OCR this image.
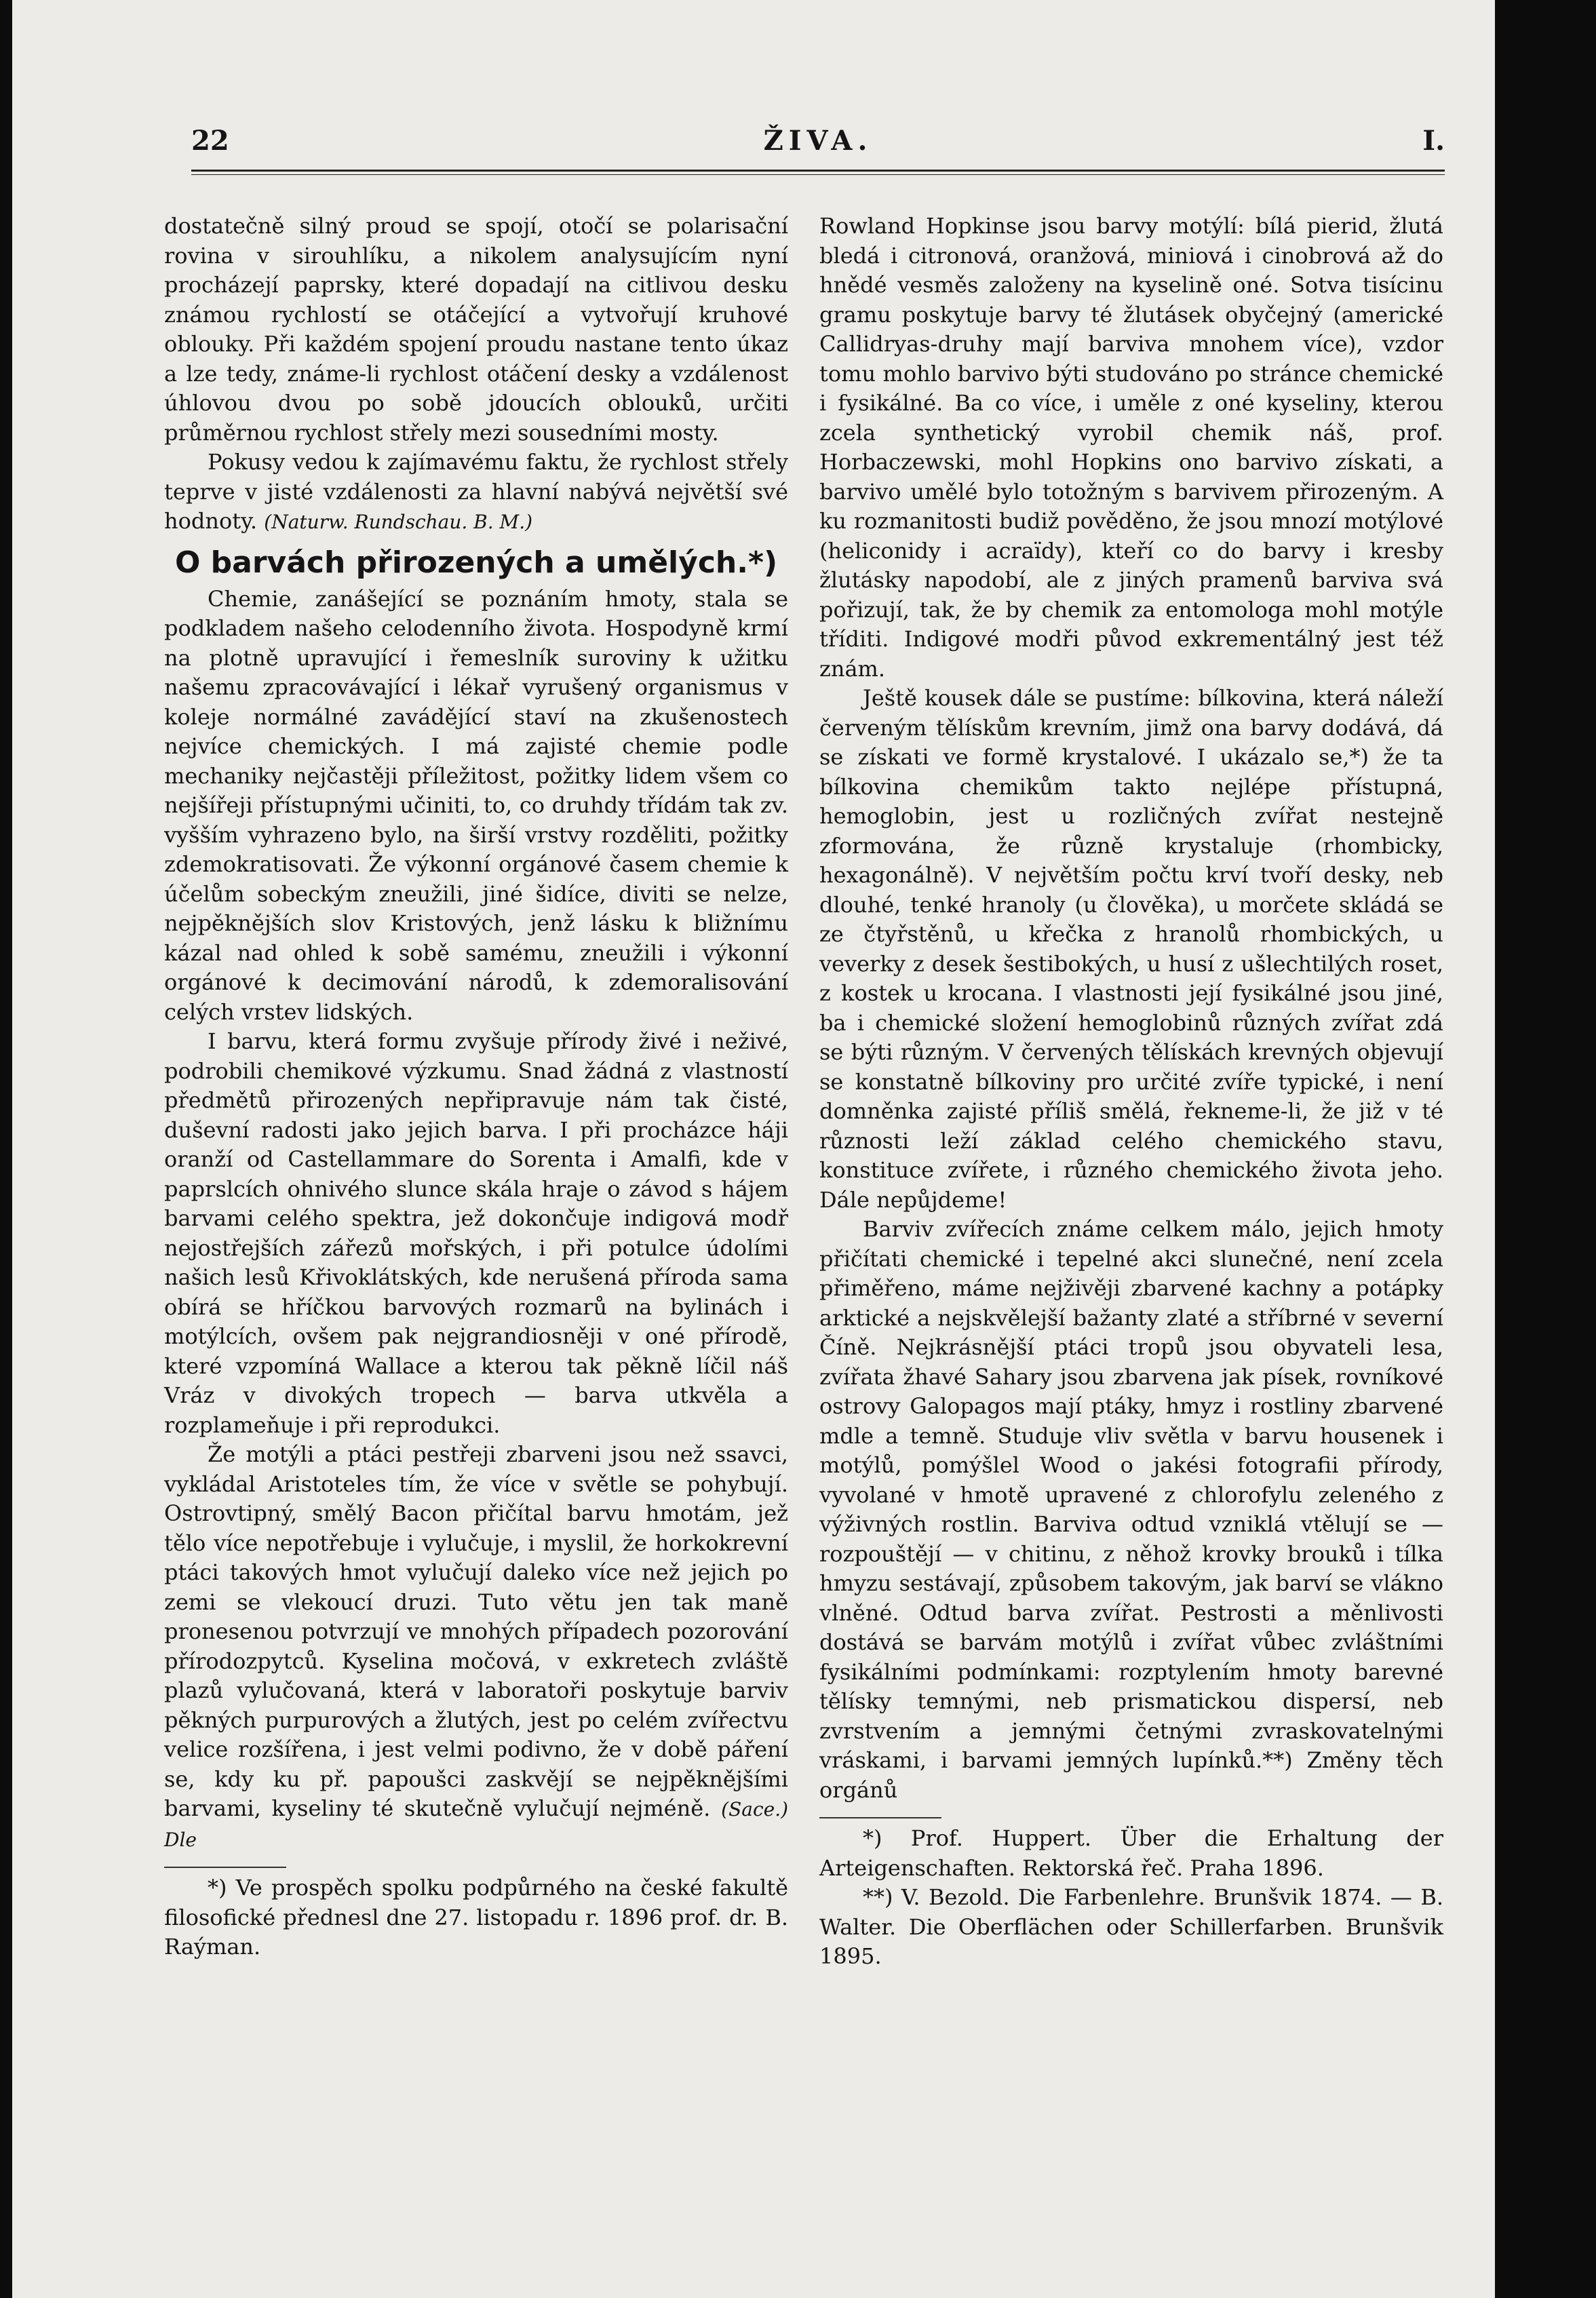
22	ŽIVA.	I.

dostatečně silný proud se spojí, otočí se polarisační rovina v sirouhlíku, a nikolem analysujícím nyní procházejí paprsky, které dopadají na citlivou desku známou rychlostí se otáčející a vytvořují kruhové oblouky. Při každém spojení proudu nastane tento úkaz a lze tedy, známe-li rychlost otáčení desky a vzdálenost úhlovou dvou po sobě jdoucích oblouků, určiti průměrnou rychlost střely mezi sousedními mosty.

Pokusy vedou k zajímavému faktu, že rychlost střely teprve v jisté vzdálenosti za hlavní nabývá největší své hodnoty. (Naturw. Rundschau. B. M.)

O barvách přirozených a umělých.*)

Chemie, zanášející se poznáním hmoty, stala se podkladem našeho celodenního života. Hospodyně krmí na plotně upravující i řemeslník suroviny k užitku našemu zpracovávající i lékař vyrušený organismus v koleje normálné zavádějící staví na zkušenostech nejvíce chemických. I má zajisté chemie podle mechaniky nejčastěji příležitost, požitky lidem všem co nejšířeji přístupnými učiniti, to, co druhdy třídám tak zv. vyšším vyhrazeno bylo, na širší vrstvy rozděliti, požitky zdemokratisovati. Že výkonní orgánové časem chemie k účelům sobeckým zneužili, jiné šidíce, diviti se nelze, nejpěknějších slov Kristových, jenž lásku k bližnímu kázal nad ohled k sobě samému, zneužili i výkonní orgánové k decimování národů, k zdemoralisování celých vrstev lidských.

I barvu, která formu zvyšuje přírody živé i neživé, podrobili chemikové výzkumu. Snad žádná z vlastností předmětů přirozených nepřipravuje nám tak čisté, duševní radosti jako jejich barva. I při procházce háji oranží od Castellammare do Sorenta i Amalfi, kde v paprslcích ohnivého slunce skála hraje o závod s hájem barvami celého spektra, jež dokončuje indigová modř nejostřejších zářezů mořských, i při potulce údolími našich lesů Křivoklátských, kde nerušená příroda sama obírá se hříčkou barvových rozmarů na bylinách i motýlcích, ovšem pak nejgrandiosněji v oné přírodě, které vzpomíná Wallace a kterou tak pěkně líčil náš Vráz v divokých tropech — barva utkvěla a rozplameňuje i při reprodukci.

Že motýli a ptáci pestřeji zbarveni jsou než ssavci, vykládal Aristoteles tím, že více v světle se pohybují. Ostrovtipný, smělý Bacon přičítal barvu hmotám, jež tělo více nepotřebuje i vylučuje, i myslil, že horkokrevní ptáci takových hmot vylučují daleko více než jejich po zemi se vlekoucí druzi. Tuto větu jen tak maně pronesenou potvrzují ve mnohých případech pozorování přírodozpytců. Kyselina močová, v exkretech zvláště plazů vylučovaná, která v laboratoři poskytuje barviv pěkných purpurových a žlutých, jest po celém zvířectvu velice rozšířena, i jest velmi podivno, že v době páření se, kdy ku př. papoušci zaskvějí se nejpěknějšími barvami, kyseliny té skutečně vylučují nejméně. (Sace.) Dle

*) Ve prospěch spolku podpůrného na české fakultě filosofické přednesl dne 27. listopadu r. 1896 prof. dr. B. Raýman.

Rowland Hopkinse jsou barvy motýlí: bílá pierid, žlutá bledá i citronová, oranžová, miniová i cinobrová až do hnědé vesměs založeny na kyselině oné. Sotva tisícinu gramu poskytuje barvy té žlutásek obyčejný (americké Callidryas-druhy mají barviva mnohem více), vzdor tomu mohlo barvivo býti studováno po stránce chemické i fysikálné. Ba co více, i uměle z oné kyseliny, kterou zcela synthetický vyrobil chemik náš, prof. Horbaczewski, mohl Hopkins ono barvivo získati, a barvivo umělé bylo totožným s barvivem přirozeným. A ku rozmanitosti budiž pověděno, že jsou mnozí motýlové (heliconidy i acraïdy), kteří co do barvy i kresby žlutásky napodobí, ale z jiných pramenů barviva svá pořizují, tak, že by chemik za entomologa mohl motýle tříditi. Indigové modři původ exkrementálný jest též znám.

Ještě kousek dále se pustíme: bílkovina, která náleží červeným tělískům krevním, jimž ona barvy dodává, dá se získati ve formě krystalové. I ukázalo se,*) že ta bílkovina chemikům takto nejlépe přístupná, hemoglobin, jest u rozličných zvířat nestejně zformována, že různě krystaluje (rhombicky, hexagonálně). V největším počtu krví tvoří desky, neb dlouhé, tenké hranoly (u člověka), u morčete skládá se ze čtyřstěnů, u křečka z hranolů rhombických, u veverky z desek šestibokých, u husí z ušlechtilých roset, z kostek u krocana. I vlastnosti její fysikálné jsou jiné, ba i chemické složení hemoglobinů různých zvířat zdá se býti různým. V červených tělískách krevných objevují se konstatně bílkoviny pro určité zvíře typické, i není domněnka zajisté příliš smělá, řekneme-li, že již v té různosti leží základ celého chemického stavu, konstituce zvířete, i různého chemického života jeho. Dále nepůjdeme!

Barviv zvířecích známe celkem málo, jejich hmoty přičítati chemické i tepelné akci slunečné, není zcela přiměřeno, máme nejživěji zbarvené kachny a potápky arktické a nejskvělejší bažanty zlaté a stříbrné v severní Číně. Nejkrásnější ptáci tropů jsou obyvateli lesa, zvířata žhavé Sahary jsou zbarvena jak písek, rovníkové ostrovy Galopagos mají ptáky, hmyz i rostliny zbarvené mdle a temně. Studuje vliv světla v barvu housenek i motýlů, pomýšlel Wood o jakési fotografii přírody, vyvolané v hmotě upravené z chlorofylu zeleného z výživných rostlin. Barviva odtud vzniklá vtělují se — rozpouštějí — v chitinu, z něhož krovky brouků i tílka hmyzu sestávají, způsobem takovým, jak barví se vlákno vlněné. Odtud barva zvířat. Pestrosti a měnlivosti dostává se barvám motýlů i zvířat vůbec zvláštními fysikálními podmínkami: rozptylením hmoty barevné tělísky temnými, neb prismatickou dispersí, neb zvrstvením a jemnými četnými zvraskovatelnými vráskami, i barvami jemných lupínků.**) Změny těch orgánů

*) Prof. Huppert. Über die Erhaltung der Arteigenschaften. Rektorská řeč. Praha 1896.

**) V. Bezold. Die Farbenlehre. Brunšvik 1874. — B. Walter. Die Oberflächen oder Schillerfarben. Brunšvik 1895.
